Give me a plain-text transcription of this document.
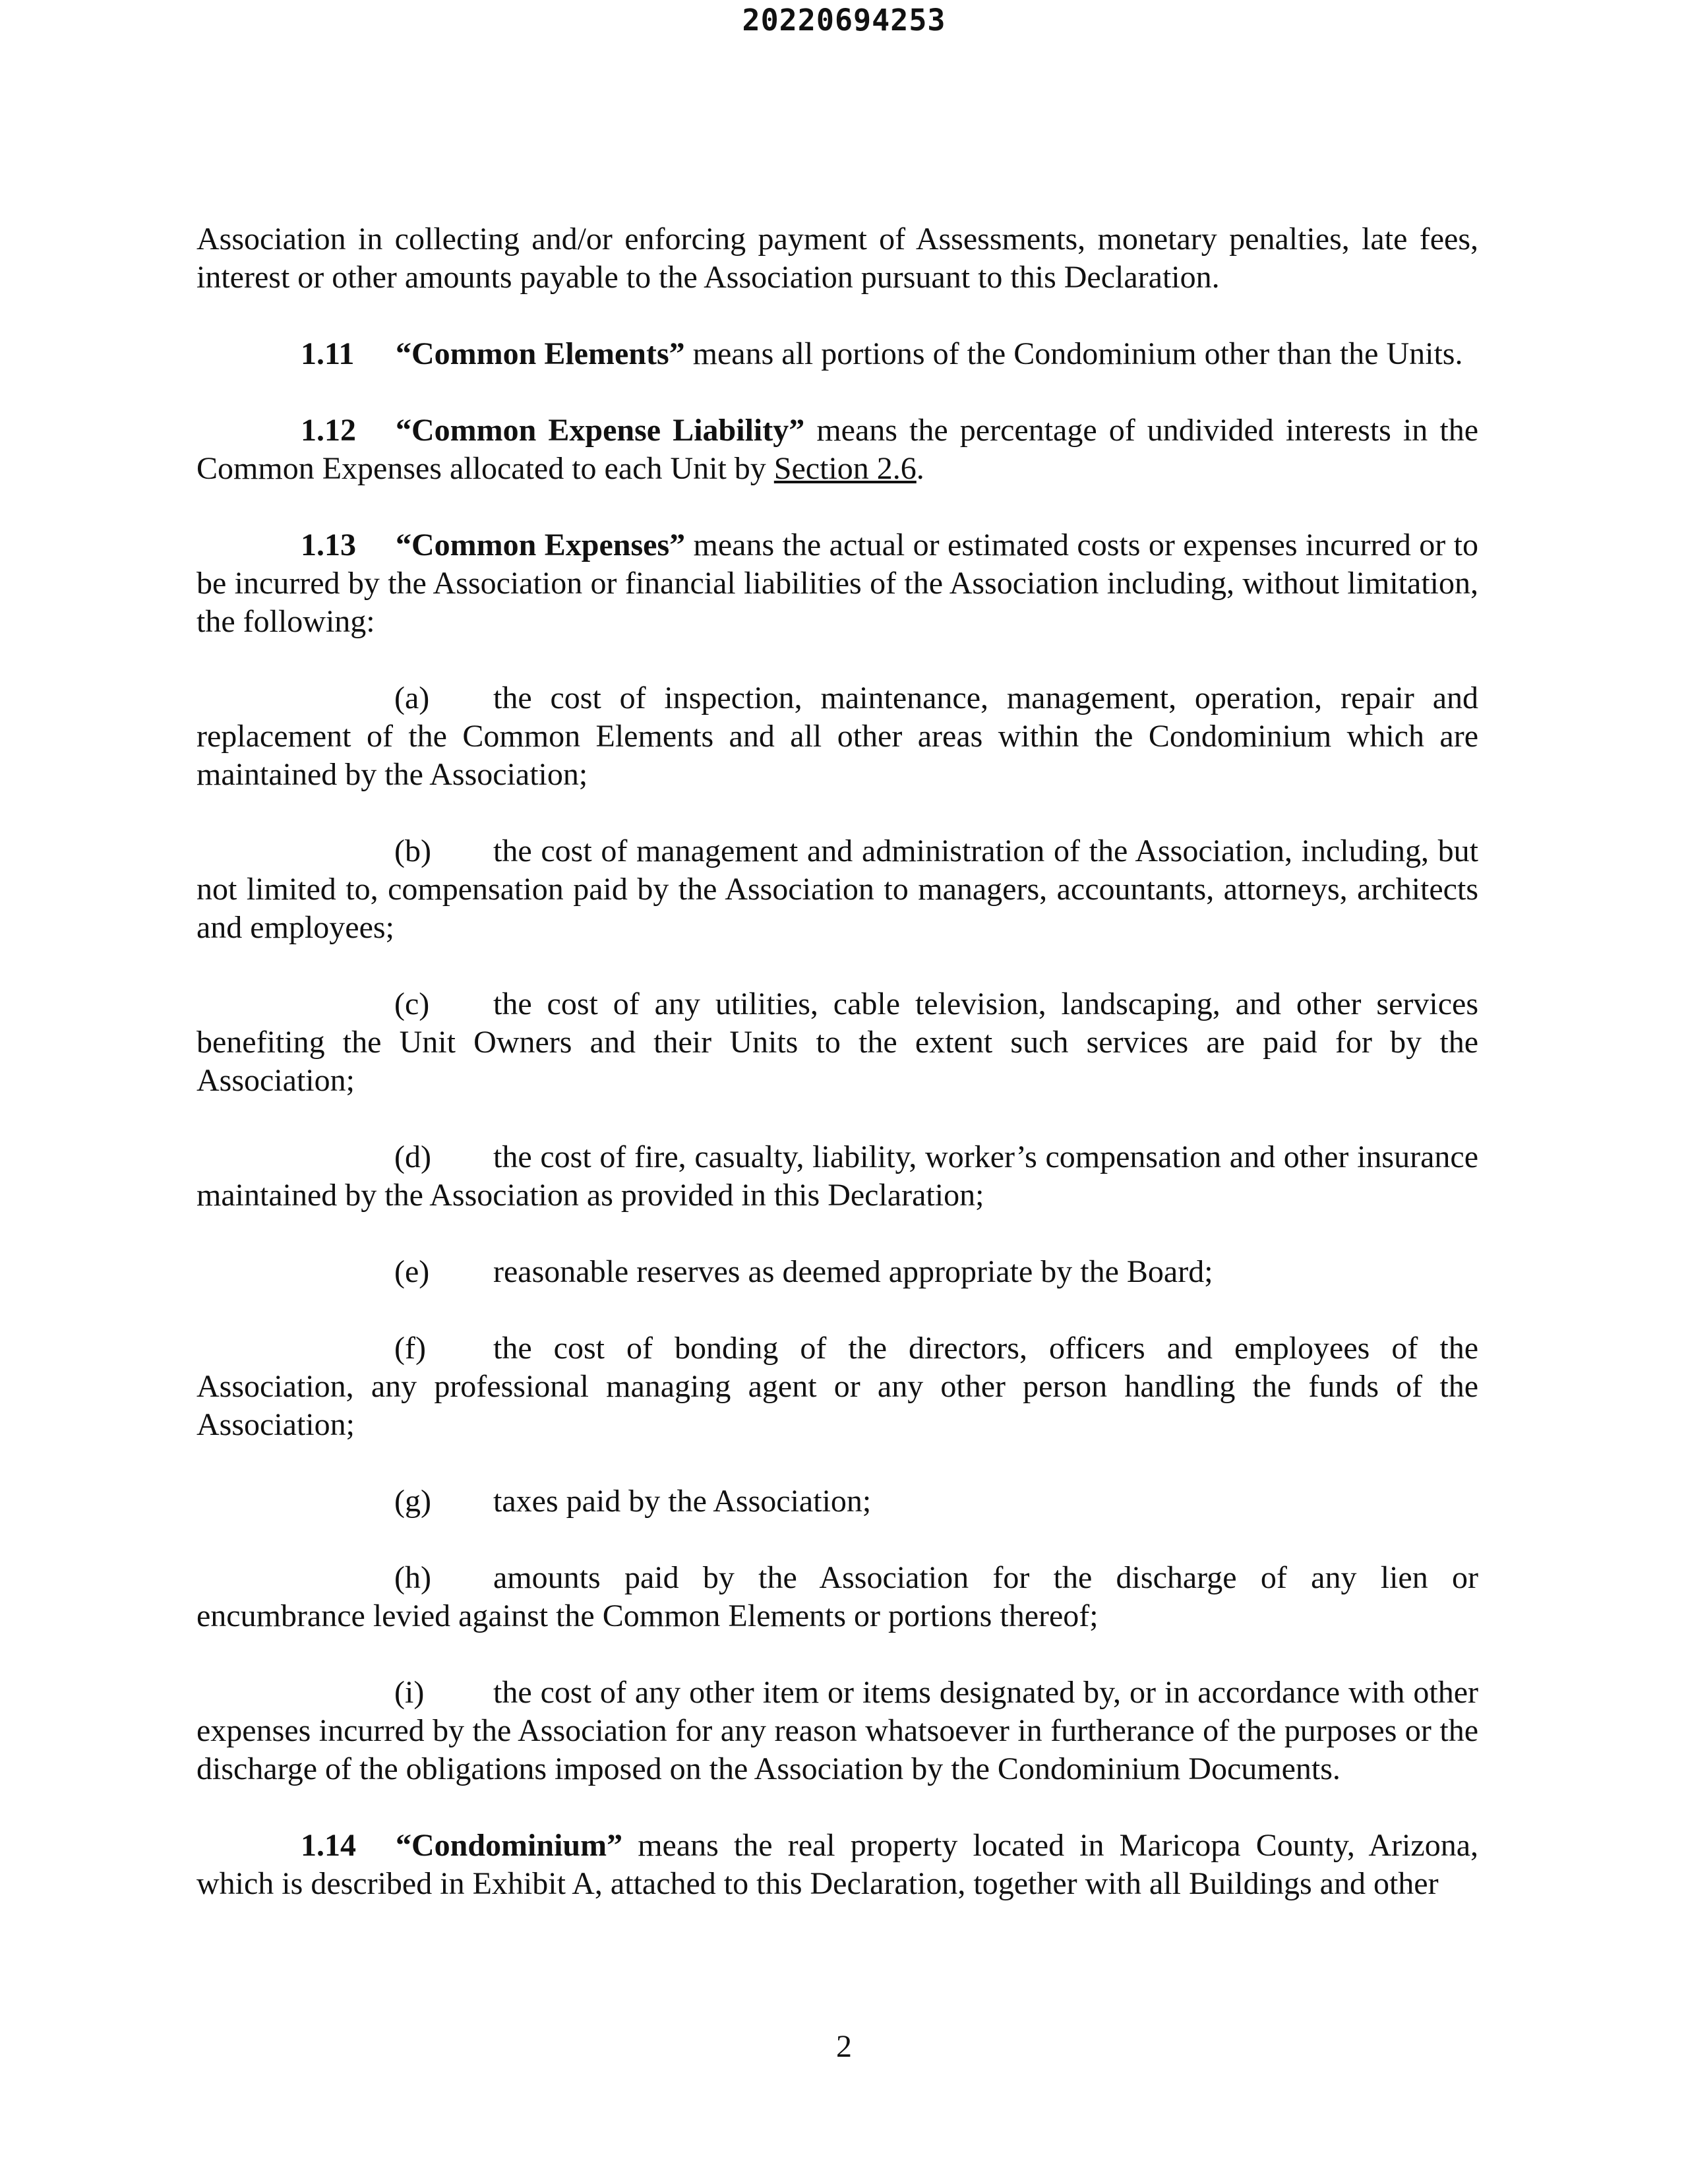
20220694253

Association in collecting and/or enforcing payment of Assessments, monetary penalties, late fees, interest or other amounts payable to the Association pursuant to this Declaration.

1.11 “Common Elements” means all portions of the Condominium other than the Units.

1.12 “Common Expense Liability” means the percentage of undivided interests in the Common Expenses allocated to each Unit by Section 2.6.

1.13 “Common Expenses” means the actual or estimated costs or expenses incurred or to be incurred by the Association or financial liabilities of the Association including, without limitation, the following:

(a) the cost of inspection, maintenance, management, operation, repair and replacement of the Common Elements and all other areas within the Condominium which are maintained by the Association;

(b) the cost of management and administration of the Association, including, but not limited to, compensation paid by the Association to managers, accountants, attorneys, architects and employees;

(c) the cost of any utilities, cable television, landscaping, and other services benefiting the Unit Owners and their Units to the extent such services are paid for by the Association;

(d) the cost of fire, casualty, liability, worker’s compensation and other insurance maintained by the Association as provided in this Declaration;

(e) reasonable reserves as deemed appropriate by the Board;

(f) the cost of bonding of the directors, officers and employees of the Association, any professional managing agent or any other person handling the funds of the Association;

(g) taxes paid by the Association;

(h) amounts paid by the Association for the discharge of any lien or encumbrance levied against the Common Elements or portions thereof;

(i) the cost of any other item or items designated by, or in accordance with other expenses incurred by the Association for any reason whatsoever in furtherance of the purposes or the discharge of the obligations imposed on the Association by the Condominium Documents.

1.14 “Condominium” means the real property located in Maricopa County, Arizona, which is described in Exhibit A, attached to this Declaration, together with all Buildings and other

2
